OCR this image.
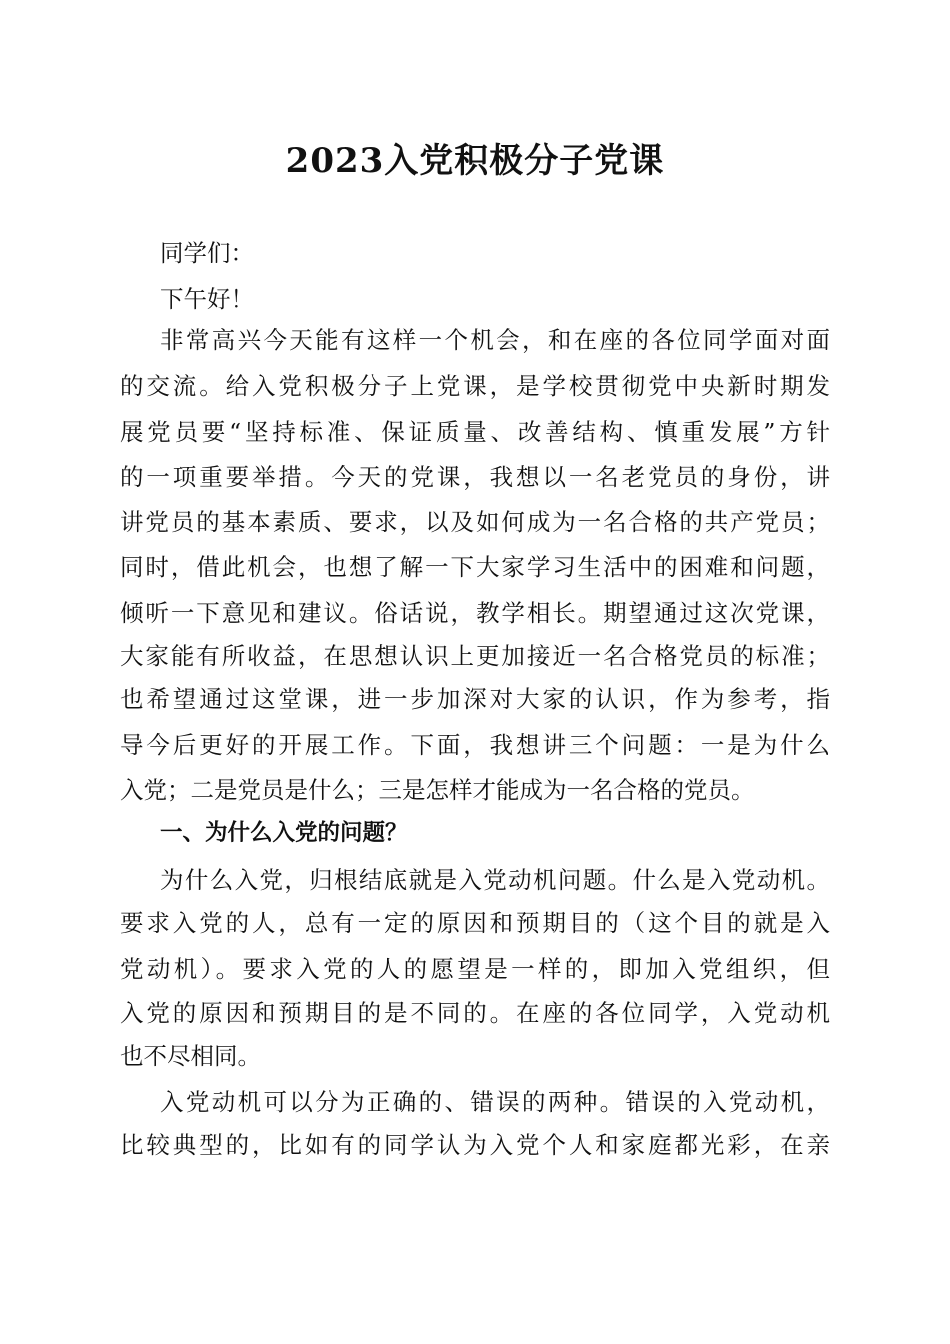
2023入党积极分子党课
同学们：
下午好！
非常高兴今天能有这样一个机会，和在座的各位同学面对面
的交流。给入党积极分子上党课，是学校贯彻党中央新时期发
展党员要“坚持标准、保证质量、改善结构、慎重发展”方针
的一项重要举措。今天的党课，我想以一名老党员的身份，讲
讲党员的基本素质、要求，以及如何成为一名合格的共产党员；
同时，借此机会，也想了解一下大家学习生活中的困难和问题，
倾听一下意见和建议。俗话说，教学相长。期望通过这次党课，
大家能有所收益，在思想认识上更加接近一名合格党员的标准；
也希望通过这堂课，进一步加深对大家的认识，作为参考，指
导今后更好的开展工作。下面，我想讲三个问题：一是为什么
入党；二是党员是什么；三是怎样才能成为一名合格的党员。
一、为什么入党的问题？
为什么入党，归根结底就是入党动机问题。什么是入党动机。
要求入党的人，总有一定的原因和预期目的（这个目的就是入
党动机）。要求入党的人的愿望是一样的，即加入党组织，但
入党的原因和预期目的是不同的。在座的各位同学，入党动机
也不尽相同。
入党动机可以分为正确的、错误的两种。错误的入党动机，
比较典型的，比如有的同学认为入党个人和家庭都光彩，在亲
